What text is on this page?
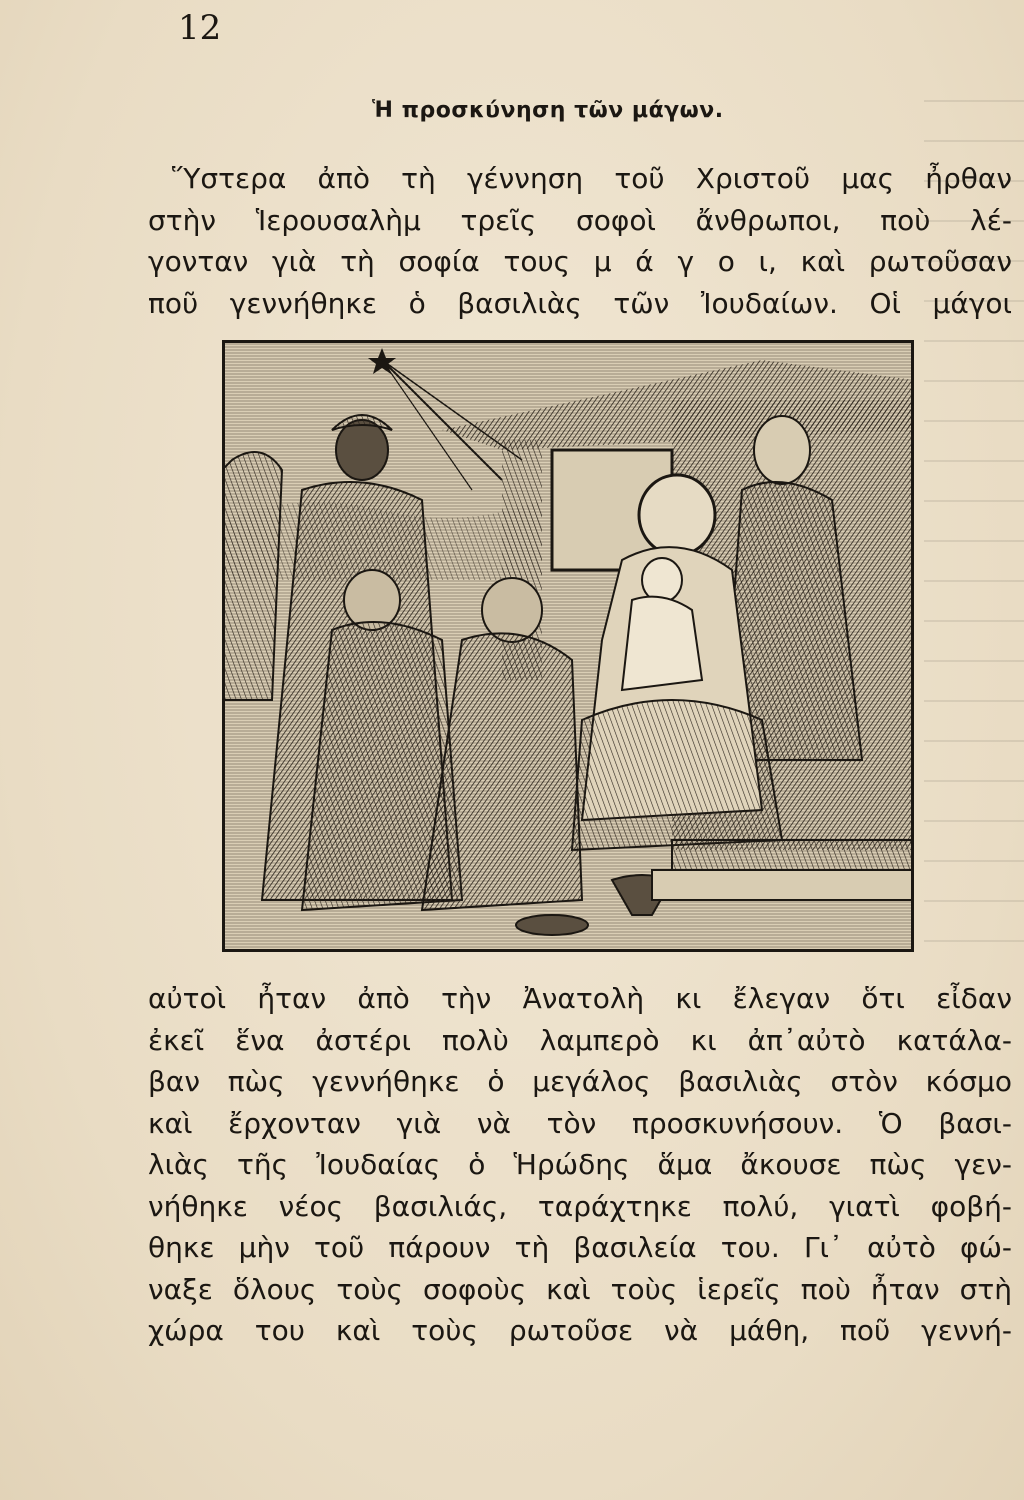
12
Ἡ προσκύνηση τῶν μάγων.

Ὕστερα ἀπὸ τὴ γέννηση τοῦ Χριστοῦ μας ἦρθαν
στὴν Ἱερουσαλὴμ τρεῖς σοφοὶ ἄνθρωποι, ποὺ λέ-
γονταν γιὰ τὴ σοφία τους μ ά γ ο ι, καὶ ρωτοῦσαν
ποῦ γεννήθηκε ὁ βασιλιὰς τῶν Ἰουδαίων. Οἱ μάγοι

αὐτοὶ ἦταν ἀπὸ τὴν Ἀνατολὴ κι ἔλεγαν ὅτι εἶδαν
ἐκεῖ ἕνα ἀστέρι πολὺ λαμπερὸ κι ἀπ᾽αὐτὸ κατάλα-
βαν πὼς γεννήθηκε ὁ μεγάλος βασιλιὰς στὸν κόσμο
καὶ ἔρχονταν γιὰ νὰ τὸν προσκυνήσουν. Ὁ βασι-
λιὰς τῆς Ἰουδαίας ὁ Ἡρώδης ἅμα ἄκουσε πὼς γεν-
νήθηκε νέος βασιλιάς, ταράχτηκε πολύ, γιατὶ φοβή-
θηκε μὴν τοῦ πάρουν τὴ βασιλεία του. Γι᾽ αὐτὸ φώ-
ναξε ὅλους τοὺς σοφοὺς καὶ τοὺς ἱερεῖς ποὺ ἦταν στὴ
χώρα του καὶ τοὺς ρωτοῦσε νὰ μάθη, ποῦ γεννή-
